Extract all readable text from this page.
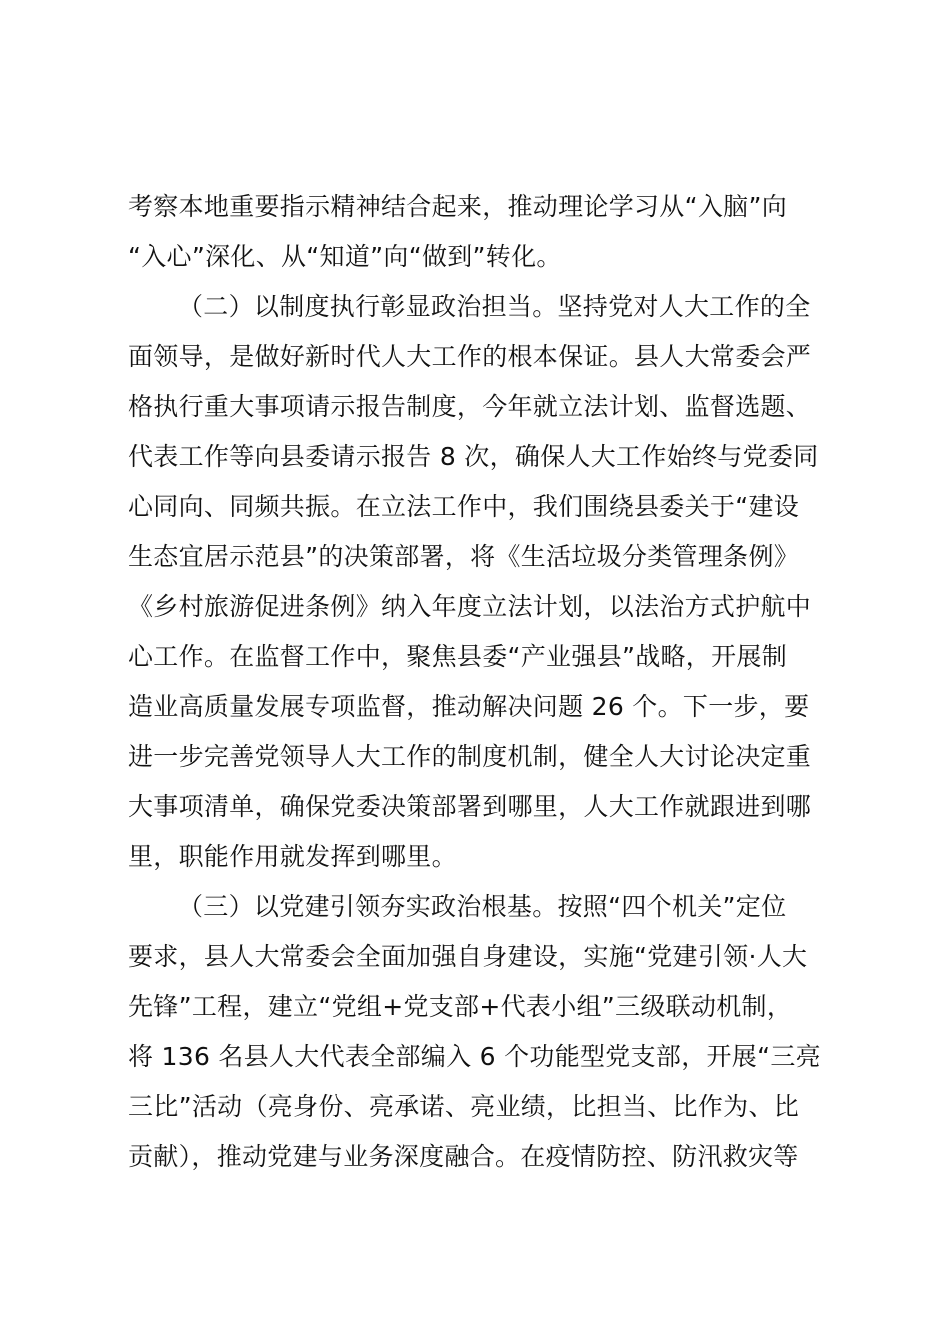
考察本地重要指示精神结合起来，推动理论学习从“入脑”向
“入心”深化、从“知道”向“做到”转化。
（二）以制度执行彰显政治担当。坚持党对人大工作的全
面领导，是做好新时代人大工作的根本保证。县人大常委会严
格执行重大事项请示报告制度，今年就立法计划、监督选题、
代表工作等向县委请示报告 8 次，确保人大工作始终与党委同
心同向、同频共振。在立法工作中，我们围绕县委关于“建设
生态宜居示范县”的决策部署，将《生活垃圾分类管理条例》
《乡村旅游促进条例》纳入年度立法计划，以法治方式护航中
心工作。在监督工作中，聚焦县委“产业强县”战略，开展制
造业高质量发展专项监督，推动解决问题 26 个。下一步，要
进一步完善党领导人大工作的制度机制，健全人大讨论决定重
大事项清单，确保党委决策部署到哪里，人大工作就跟进到哪
里，职能作用就发挥到哪里。
（三）以党建引领夯实政治根基。按照“四个机关”定位
要求，县人大常委会全面加强自身建设，实施“党建引领·人大
先锋”工程，建立“党组+党支部+代表小组”三级联动机制，
将 136 名县人大代表全部编入 6 个功能型党支部，开展“三亮
三比”活动（亮身份、亮承诺、亮业绩，比担当、比作为、比
贡献），推动党建与业务深度融合。在疫情防控、防汛救灾等
